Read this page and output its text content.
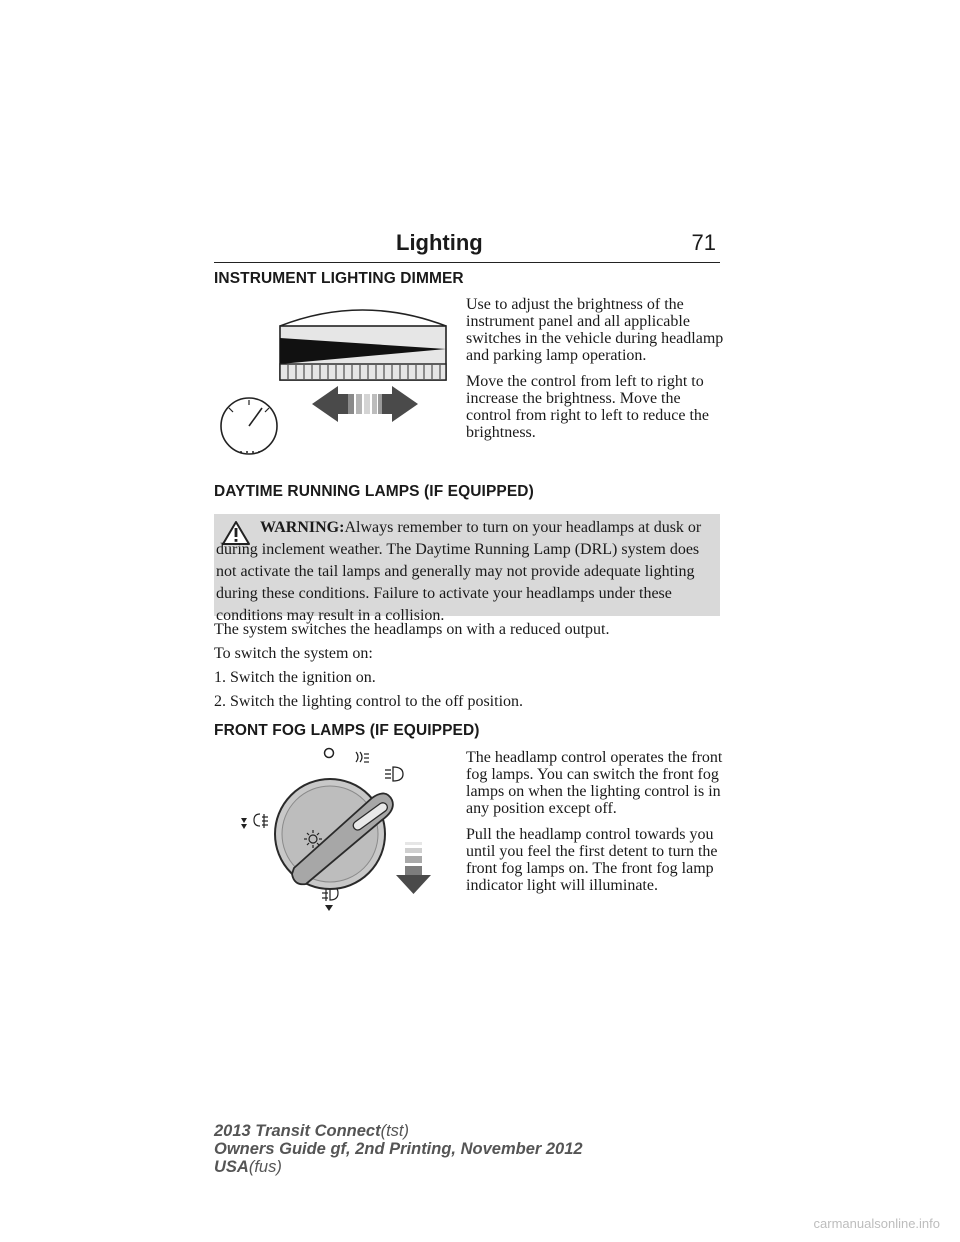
Lighting	71
INSTRUMENT LIGHTING DIMMER

Use to adjust the brightness of the instrument panel and all applicable switches in the vehicle during headlamp and parking lamp operation.

Move the control from left to right to increase the brightness. Move the control from right to left to reduce the brightness.

DAYTIME RUNNING LAMPS (IF EQUIPPED)
WARNING:Always remember to turn on your headlamps at dusk or during inclement weather. The Daytime Running Lamp (DRL) system does not activate the tail lamps and generally may not provide adequate lighting during these conditions. Failure to activate your headlamps under these conditions may result in a collision.
The system switches the headlamps on with a reduced output.
To switch the system on:
1. Switch the ignition on.
2. Switch the lighting control to the off position.
FRONT FOG LAMPS (IF EQUIPPED)

The headlamp control operates the front fog lamps. You can switch the front fog lamps on when the lighting control is in any position except off.

Pull the headlamp control towards you until you feel the first detent to turn the front fog lamps on. The front fog lamp indicator light will illuminate.

2013 Transit Connect(tst)
Owners Guide gf, 2nd Printing, November 2012
USA(fus)
carmanualsonline.info
